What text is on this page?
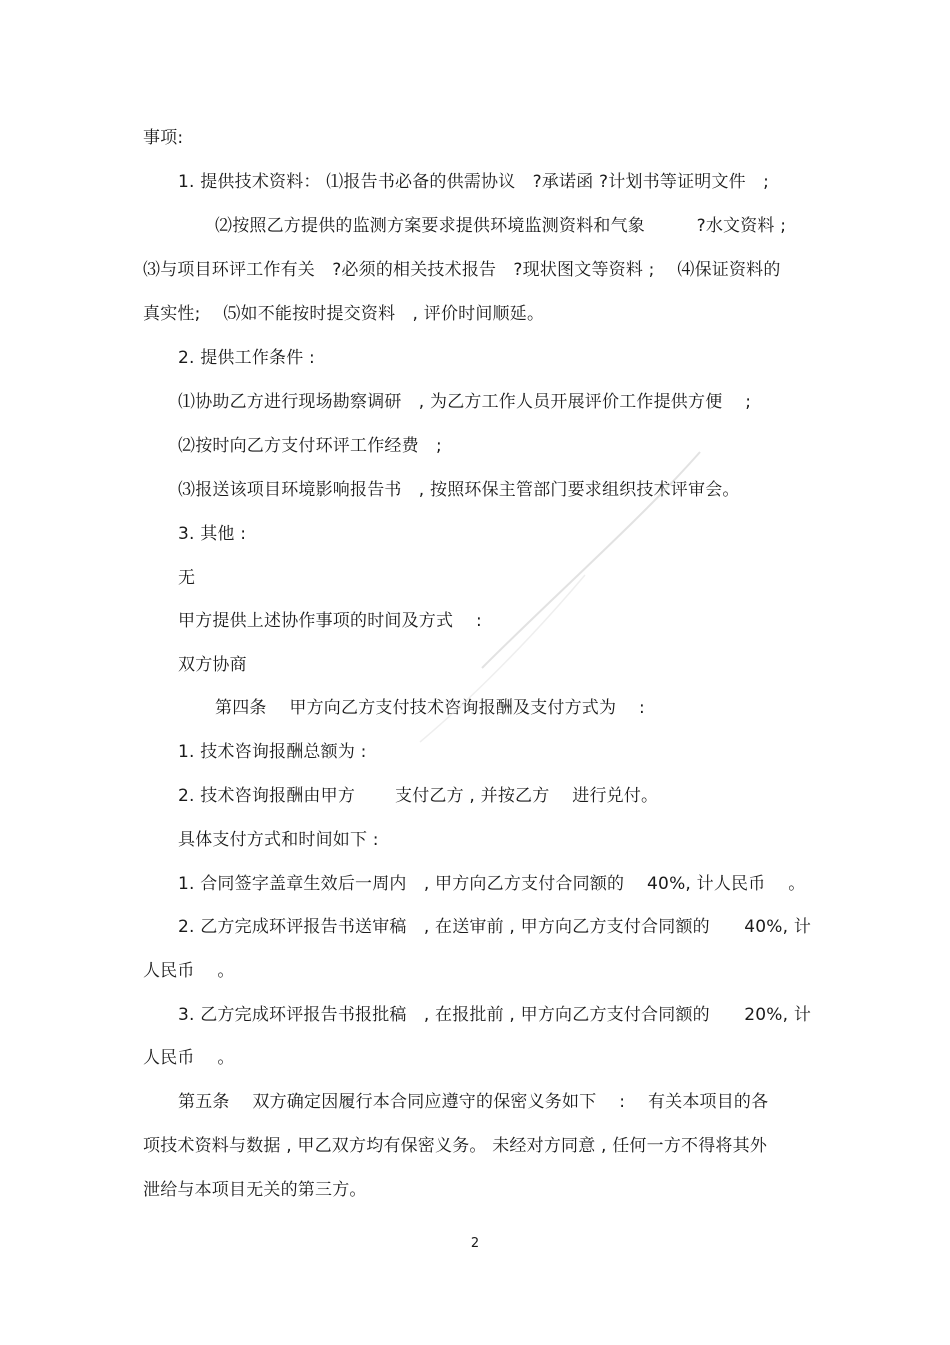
事项:
1. 提供技术资料： ⑴报告书必备的供需协议　?承诺函 ?计划书等证明文件　;
⑵按照乙方提供的监测方案要求提供环境监测资料和气象　　　?水文资料 ;
⑶与项目环评工作有关　?必须的相关技术报告　?现状图文等资料 ;　 ⑷保证资料的
真实性;　 ⑸如不能按时提交资料　, 评价时间顺延。
2. 提供工作条件 :
⑴协助乙方进行现场勘察调研　, 为乙方工作人员开展评价工作提供方便　 ;
⑵按时向乙方支付环评工作经费　;
⑶报送该项目环境影响报告书　, 按照环保主管部门要求组织技术评审会。
3. 其他 :
无
甲方提供上述协作事项的时间及方式　 :
双方协商
第四条　 甲方向乙方支付技术咨询报酬及支付方式为　 :
1. 技术咨询报酬总额为 :
2. 技术咨询报酬由甲方　　 支付乙方 , 并按乙方　 进行兑付。
具体支付方式和时间如下 :
1. 合同签字盖章生效后一周内　, 甲方向乙方支付合同额的　 40%, 计人民币　 。
2. 乙方完成环评报告书送审稿　, 在送审前 , 甲方向乙方支付合同额的　　40%, 计
人民币　 。
3. 乙方完成环评报告书报批稿　, 在报批前 , 甲方向乙方支付合同额的　　20%, 计
人民币　 。
第五条　 双方确定因履行本合同应遵守的保密义务如下　 :　 有关本项目的各
项技术资料与数据 , 甲乙双方均有保密义务。 未经对方同意 , 任何一方不得将其外
泄给与本项目无关的第三方。
2
